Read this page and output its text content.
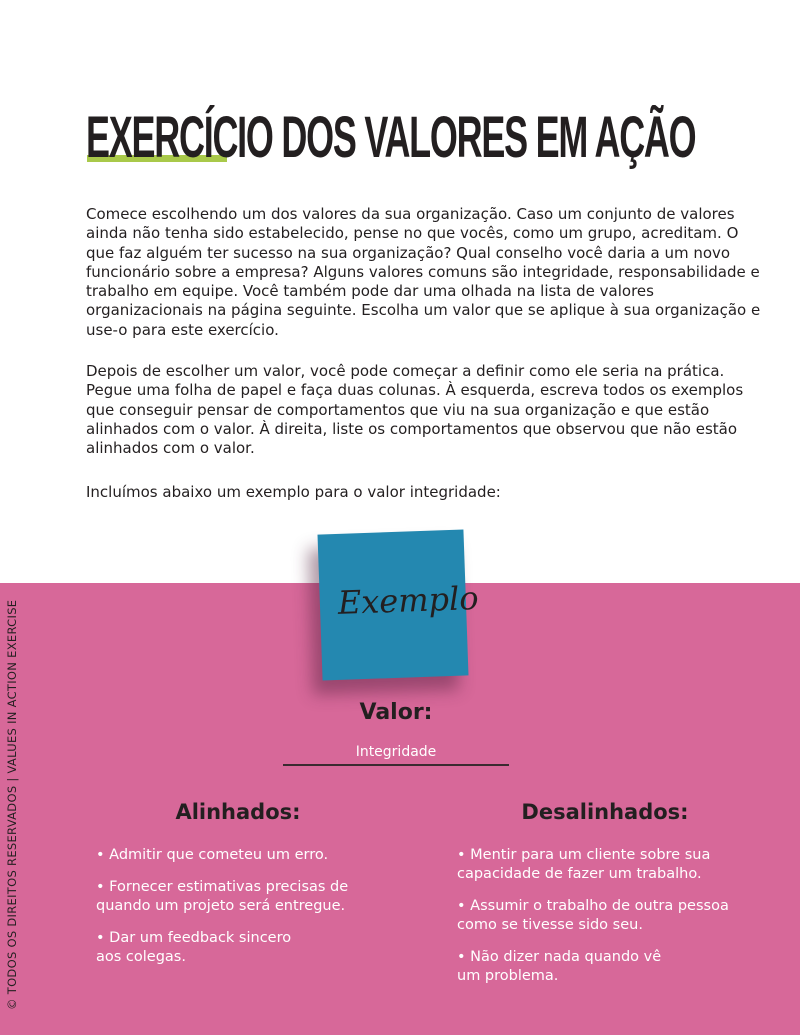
EXERCÍCIO DOS VALORES EM AÇÃO

Comece escolhendo um dos valores da sua organização. Caso um conjunto de valores ainda não tenha sido estabelecido, pense no que vocês, como um grupo, acreditam. O que faz alguém ter sucesso na sua organização? Qual conselho você daria a um novo funcionário sobre a empresa? Alguns valores comuns são integridade, responsabilidade e trabalho em equipe. Você também pode dar uma olhada na lista de valores organizacionais na página seguinte. Escolha um valor que se aplique à sua organização e use-o para este exercício.

Depois de escolher um valor, você pode começar a definir como ele seria na prática. Pegue uma folha de papel e faça duas colunas. À esquerda, escreva todos os exemplos que conseguir pensar de comportamentos que viu na sua organização e que estão alinhados com o valor. À direita, liste os comportamentos que observou que não estão alinhados com o valor.

Incluímos abaixo um exemplo para o valor integridade:

© TODOS OS DIREITOS RESERVADOS | VALUES IN ACTION EXERCISE	Exemplo
Valor:
Integridade
Alinhados:
• Admitir que cometeu um erro.
• Fornecer estimativas precisas de quando um projeto será entregue.
• Dar um feedback sincero aos colegas.
Desalinhados:
• Mentir para um cliente sobre sua capacidade de fazer um trabalho.
• Assumir o trabalho de outra pessoa como se tivesse sido seu.
• Não dizer nada quando vê um problema.
